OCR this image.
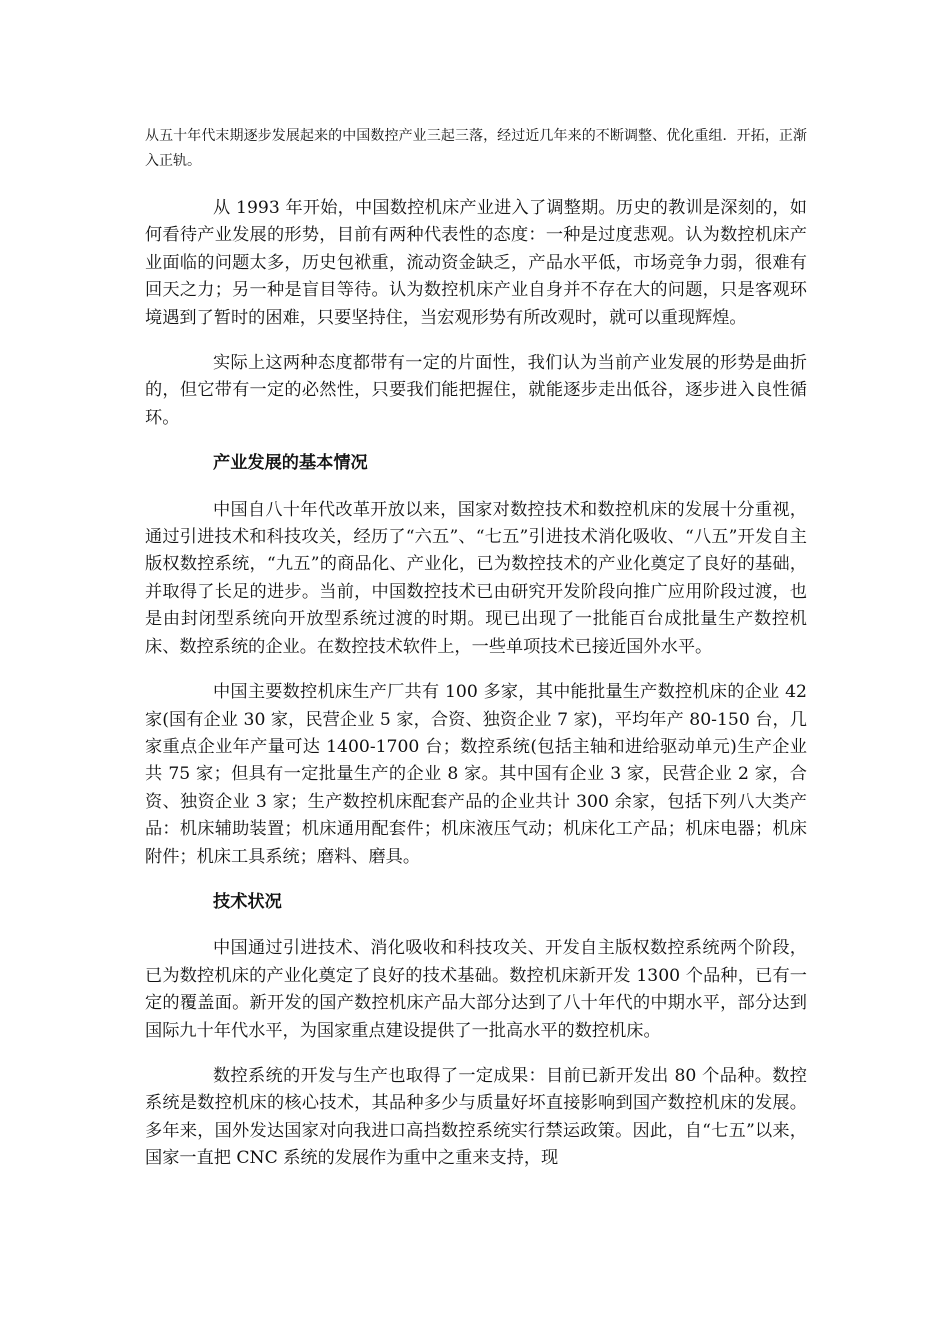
从五十年代末期逐步发展起来的中国数控产业三起三落，经过近几年来的不断调整、优化重组．开拓，正渐入正轨。

从 1993 年开始，中国数控机床产业进入了调整期。历史的教训是深刻的，如何看待产业发展的形势，目前有两种代表性的态度：一种是过度悲观。认为数控机床产业面临的问题太多，历史包袱重，流动资金缺乏，产品水平低，市场竞争力弱，很难有回天之力；另一种是盲目等待。认为数控机床产业自身并不存在大的问题，只是客观环境遇到了暂时的困难，只要坚持住，当宏观形势有所改观时，就可以重现辉煌。

实际上这两种态度都带有一定的片面性，我们认为当前产业发展的形势是曲折的，但它带有一定的必然性，只要我们能把握住，就能逐步走出低谷，逐步进入良性循环。

产业发展的基本情况

中国自八十年代改革开放以来，国家对数控技术和数控机床的发展十分重视，通过引进技术和科技攻关，经历了“六五”、“七五”引进技术消化吸收、“八五”开发自主版权数控系统，“九五”的商品化、产业化，已为数控技术的产业化奠定了良好的基础，并取得了长足的进步。当前，中国数控技术已由研究开发阶段向推广应用阶段过渡，也是由封闭型系统向开放型系统过渡的时期。现已出现了一批能百台成批量生产数控机床、数控系统的企业。在数控技术软件上，一些单项技术已接近国外水平。

中国主要数控机床生产厂共有 100 多家，其中能批量生产数控机床的企业 42 家(国有企业 30 家，民营企业 5 家，合资、独资企业 7 家)，平均年产 80-150 台，几家重点企业年产量可达 1400-1700 台；数控系统(包括主轴和进给驱动单元)生产企业共 75 家；但具有一定批量生产的企业 8 家。其中国有企业 3 家，民营企业 2 家，合资、独资企业 3 家；生产数控机床配套产品的企业共计 300 余家，包括下列八大类产品：机床辅助装置；机床通用配套件；机床液压气动；机床化工产品；机床电器；机床附件；机床工具系统；磨料、磨具。

技术状况

中国通过引进技术、消化吸收和科技攻关、开发自主版权数控系统两个阶段，已为数控机床的产业化奠定了良好的技术基础。数控机床新开发 1300 个品种，已有一定的覆盖面。新开发的国产数控机床产品大部分达到了八十年代的中期水平，部分达到国际九十年代水平，为国家重点建设提供了一批高水平的数控机床。

数控系统的开发与生产也取得了一定成果：目前已新开发出 80 个品种。数控系统是数控机床的核心技术，其品种多少与质量好坏直接影响到国产数控机床的发展。多年来，国外发达国家对向我进口高挡数控系统实行禁运政策。因此，自“七五”以来，国家一直把 CNC 系统的发展作为重中之重来支持，现
